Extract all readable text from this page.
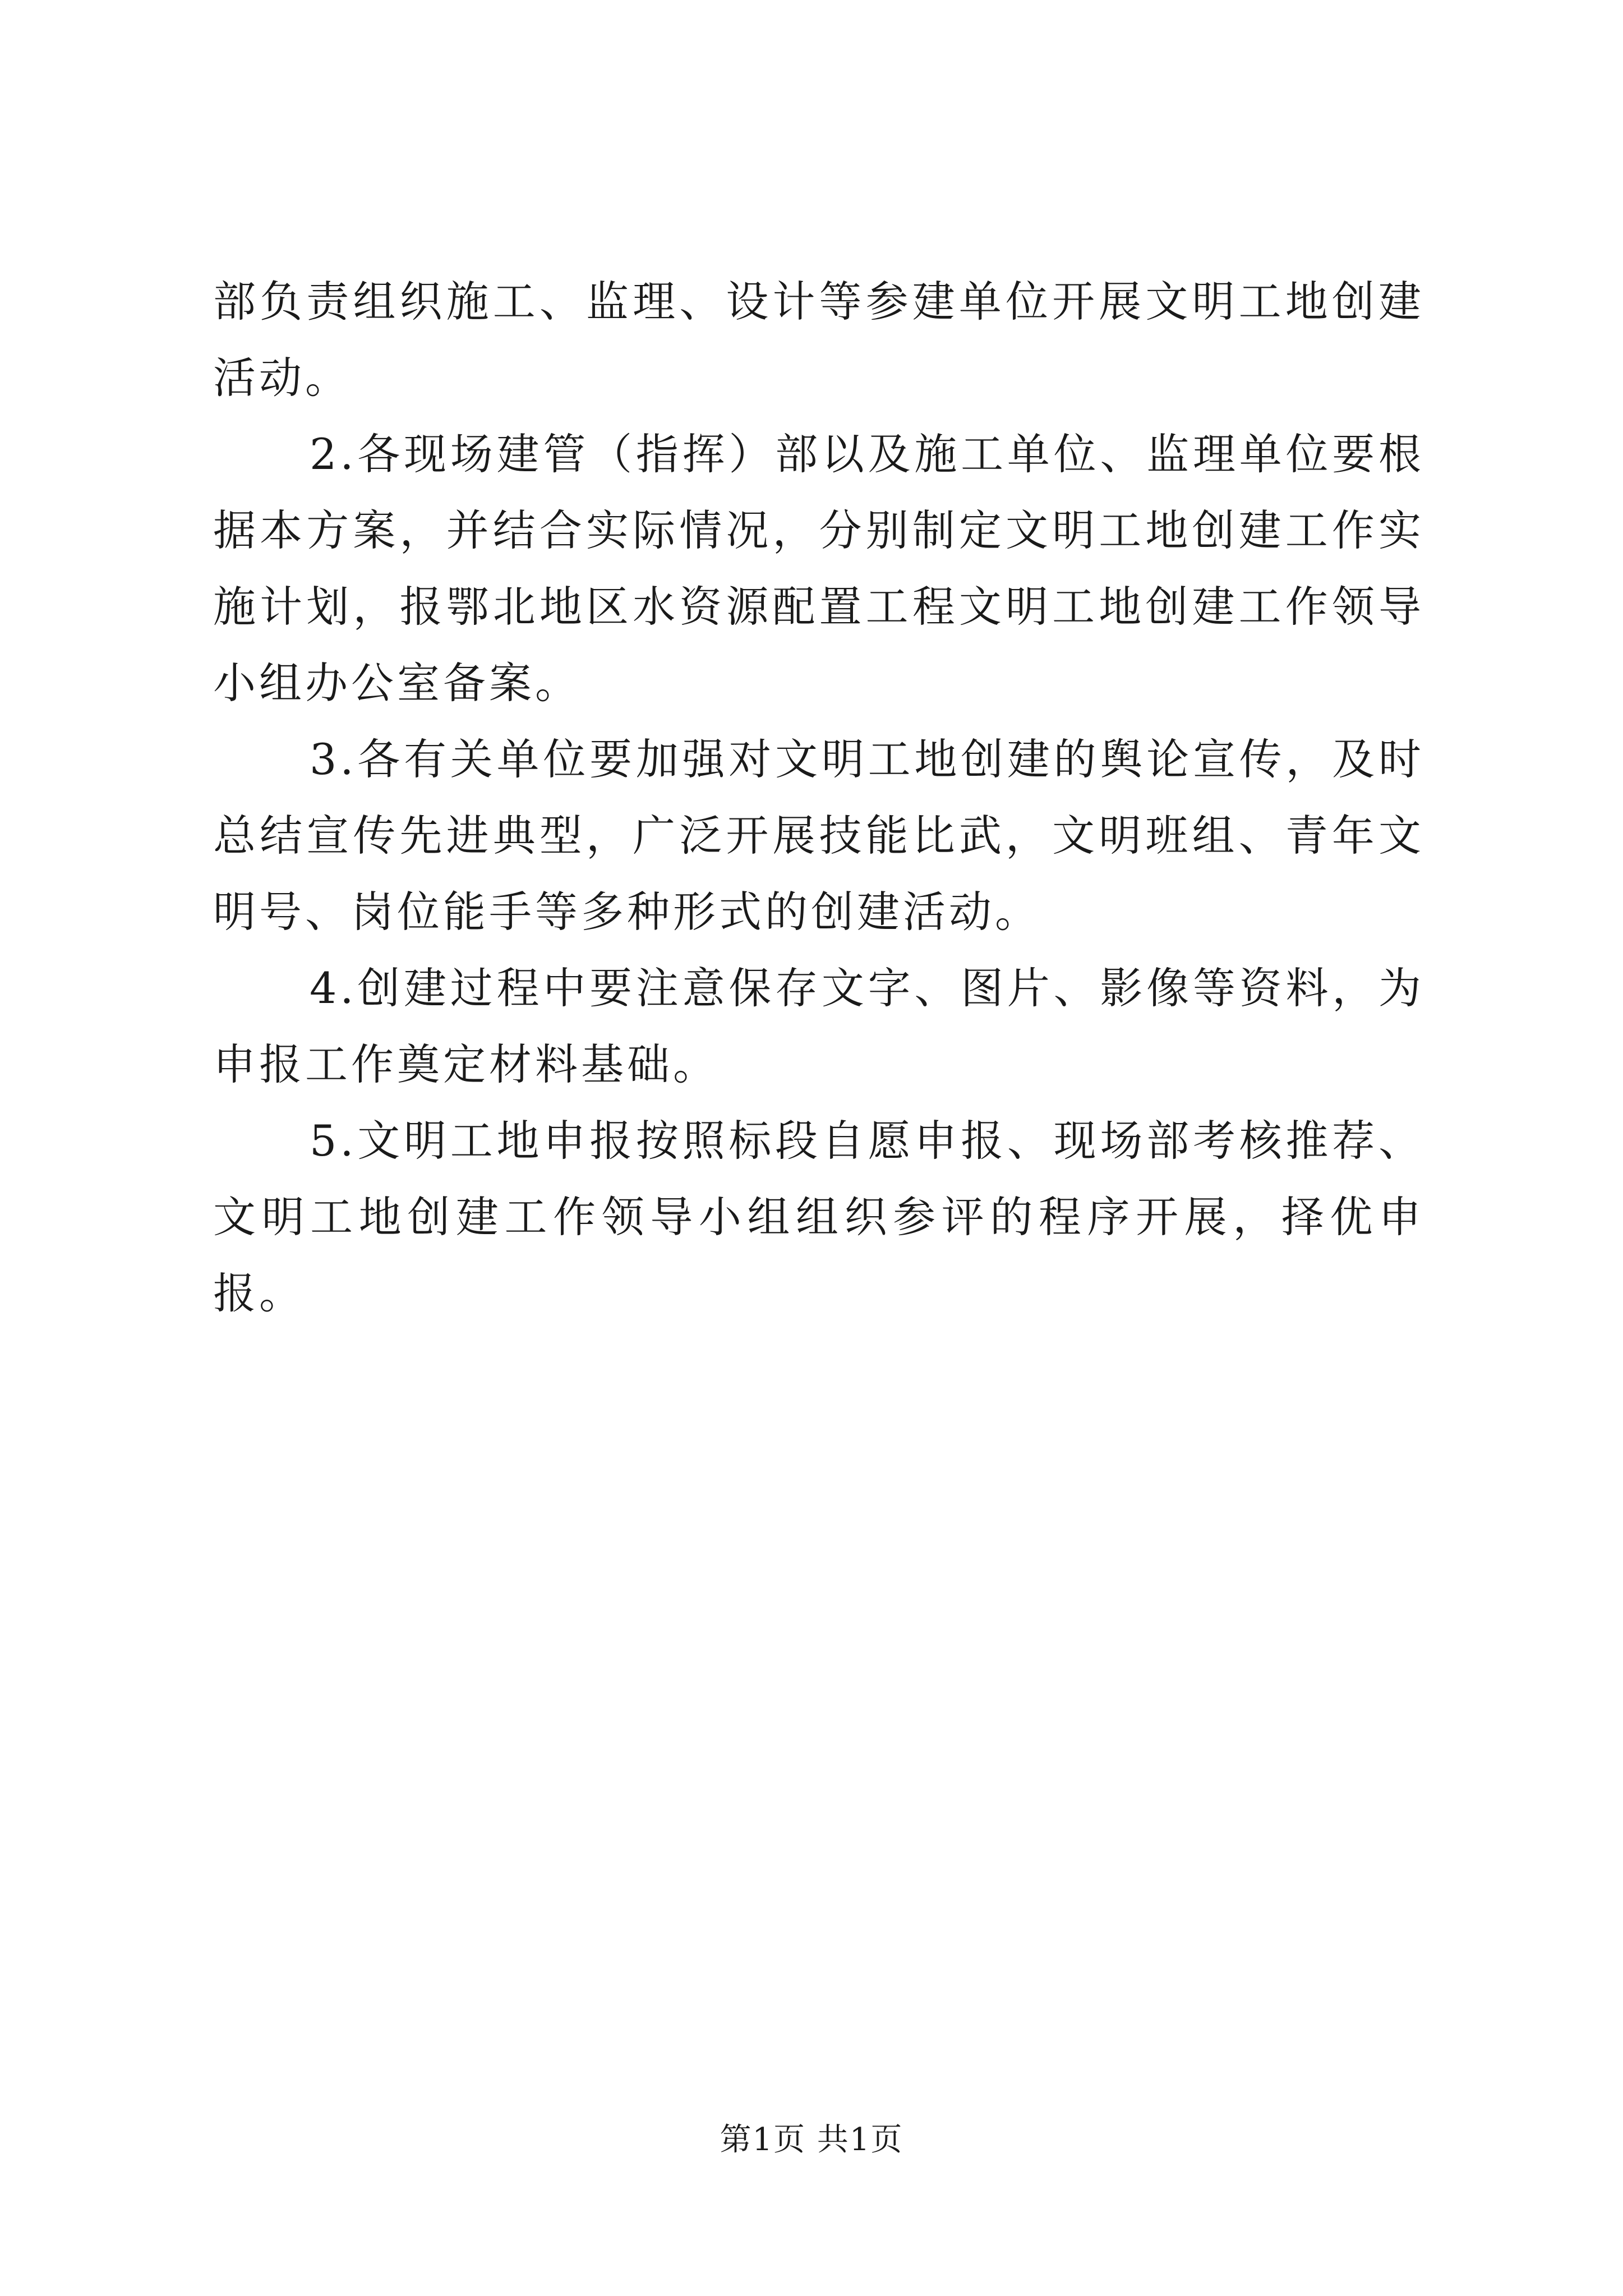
部负责组织施工、监理、设计等参建单位开展文明工地创建活动。

2.各现场建管（指挥）部以及施工单位、监理单位要根据本方案，并结合实际情况，分别制定文明工地创建工作实施计划，报鄂北地区水资源配置工程文明工地创建工作领导小组办公室备案。

3.各有关单位要加强对文明工地创建的舆论宣传，及时总结宣传先进典型，广泛开展技能比武，文明班组、青年文明号、岗位能手等多种形式的创建活动。

4.创建过程中要注意保存文字、图片、影像等资料，为申报工作奠定材料基础。

5.文明工地申报按照标段自愿申报、现场部考核推荐、文明工地创建工作领导小组组织参评的程序开展，择优申报。

第1页 共1页
